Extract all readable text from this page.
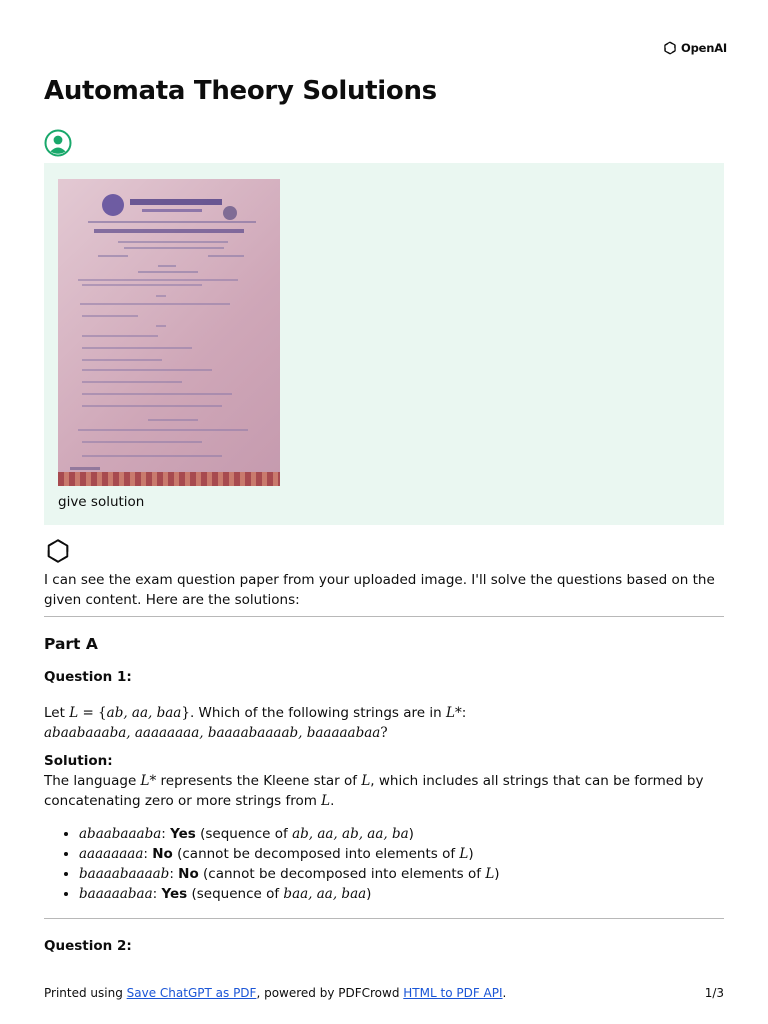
OpenAI
Automata Theory Solutions
give solution

I can see the exam question paper from your uploaded image. I'll solve the questions based on the given content. Here are the solutions:

Part A
Question 1:

Let L = {ab, aa, baa}. Which of the following strings are in L*:
abaabaaaba, aaaaaaaa, baaaabaaaab, baaaaabaa?

Solution:

The language L* represents the Kleene star of L, which includes all strings that can be formed by concatenating zero or more strings from L.

• abaabaaaba: Yes (sequence of ab, aa, ab, aa, ba)
• aaaaaaaa: No (cannot be decomposed into elements of L)
• baaaabaaaab: No (cannot be decomposed into elements of L)
• baaaaabaa: Yes (sequence of baa, aa, baa)
Question 2:
Printed using Save ChatGPT as PDF, powered by PDFCrowd HTML to PDF API.	1/3
